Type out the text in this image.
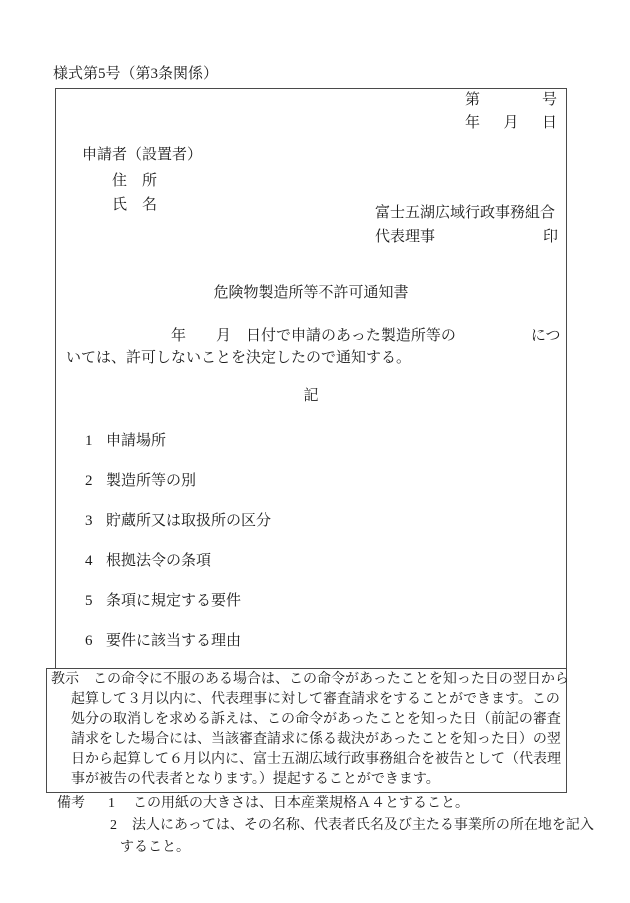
様式第5号（第3条関係）
第	号
年 月 日
申請者（設置者）
住　所
氏　名	富士五湖広域行政事務組合
代表理事	印
危険物製造所等不許可通知書
　　　　　　　年　　月　日付で申請のあった製造所等の　　　　　につ
いては、許可しないことを決定したので通知する。
記
1 申請場所
2 製造所等の別
3 貯蔵所又は取扱所の区分
4 根拠法令の条項
5 条項に規定する要件
6 要件に該当する理由
教示　この命令に不服のある場合は、この命令があったことを知った日の翌日から
起算して３月以内に、代表理事に対して審査請求をすることができます。この
処分の取消しを求める訴えは、この命令があったことを知った日（前記の審査
請求をした場合には、当該審査請求に係る裁決があったことを知った日）の翌
日から起算して６月以内に、富士五湖広域行政事務組合を被告として（代表理
事が被告の代表者となります。）提起することができます。
備考 1 この用紙の大きさは、日本産業規格Ａ４とすること。
2 法人にあっては、その名称、代表者氏名及び主たる事業所の所在地を記入
すること。
